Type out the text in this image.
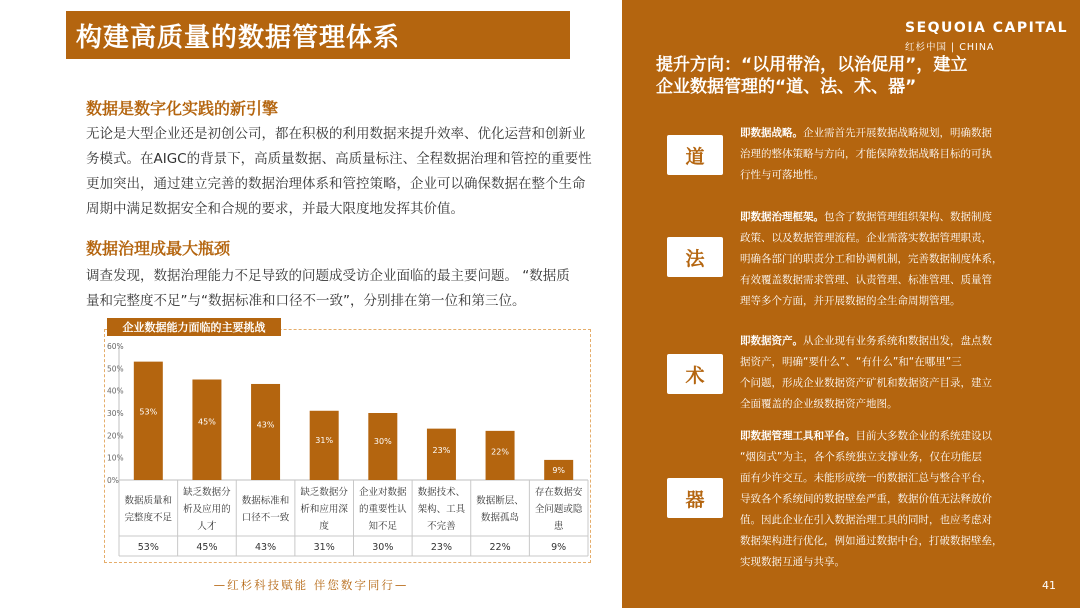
构建高质量的数据管理体系
数据是数字化实践的新引擎

无论是大型企业还是初创公司，都在积极的利用数据来提升效率、优化运营和创新业

务模式。在AIGC的背景下，高质量数据、高质量标注、全程数据治理和管控的重要性

更加突出，通过建立完善的数据治理体系和管控策略，企业可以确保数据在整个生命

周期中满足数据安全和合规的要求，并最大限度地发挥其价值。

数据治理成最大瓶颈

调查发现，数据治理能力不足导致的问题成受访企业面临的最主要问题。 “数据质

量和完整度不足”与“数据标准和口径不一致”，分别排在第一位和第三位。

0%
10%
20%
30%
40%
50%
60%
53%
45%	43%
31%	30%
23%	22%
9%
数据质量和
完整度不足
53%
缺乏数据分
析及应用的
人才
45%
数据标准和
口径不一致
43%
缺乏数据分
析和应用深
度
31%
企业对数据
的重要性认
知不足
30%
数据技术、
架构、工具
不完善
23%
数据断层、
数据孤岛
22%
存在数据安
全问题或隐
患
9%
企业数据能力面临的主要挑战
—红杉科技赋能 伴您数字同行—
SEQUOIA CAPITAL
红杉中国 | CHINA
提升方向：“以用带治，以治促用”，建立
企业数据管理的“道、法、术、器”
道
即数据战略。企业需首先开展数据战略规划，明确数据
治理的整体策略与方向，才能保障数据战略目标的可执
行性与可落地性。
法
即数据治理框架。包含了数据管理组织架构、数据制度
政策、以及数据管理流程。企业需落实数据管理职责，
明确各部门的职责分工和协调机制，完善数据制度体系，
有效覆盖数据需求管理、认责管理、标准管理、质量管
理等多个方面，并开展数据的全生命周期管理。
术
即数据资产。从企业现有业务系统和数据出发，盘点数
据资产，明确“要什么”、“有什么”和“在哪里”三
个问题，形成企业数据资产矿机和数据资产目录，建立
全面覆盖的企业级数据资产地图。
器
即数据管理工具和平台。目前大多数企业的系统建设以
“烟囱式”为主，各个系统独立支撑业务，仅在功能层
面有少许交互。未能形成统一的数据汇总与整合平台，
导致各个系统间的数据壁垒严重，数据价值无法释放价
值。因此企业在引入数据治理工具的同时，也应考虑对
数据架构进行优化，例如通过数据中台，打破数据壁垒，
实现数据互通与共享。
41
